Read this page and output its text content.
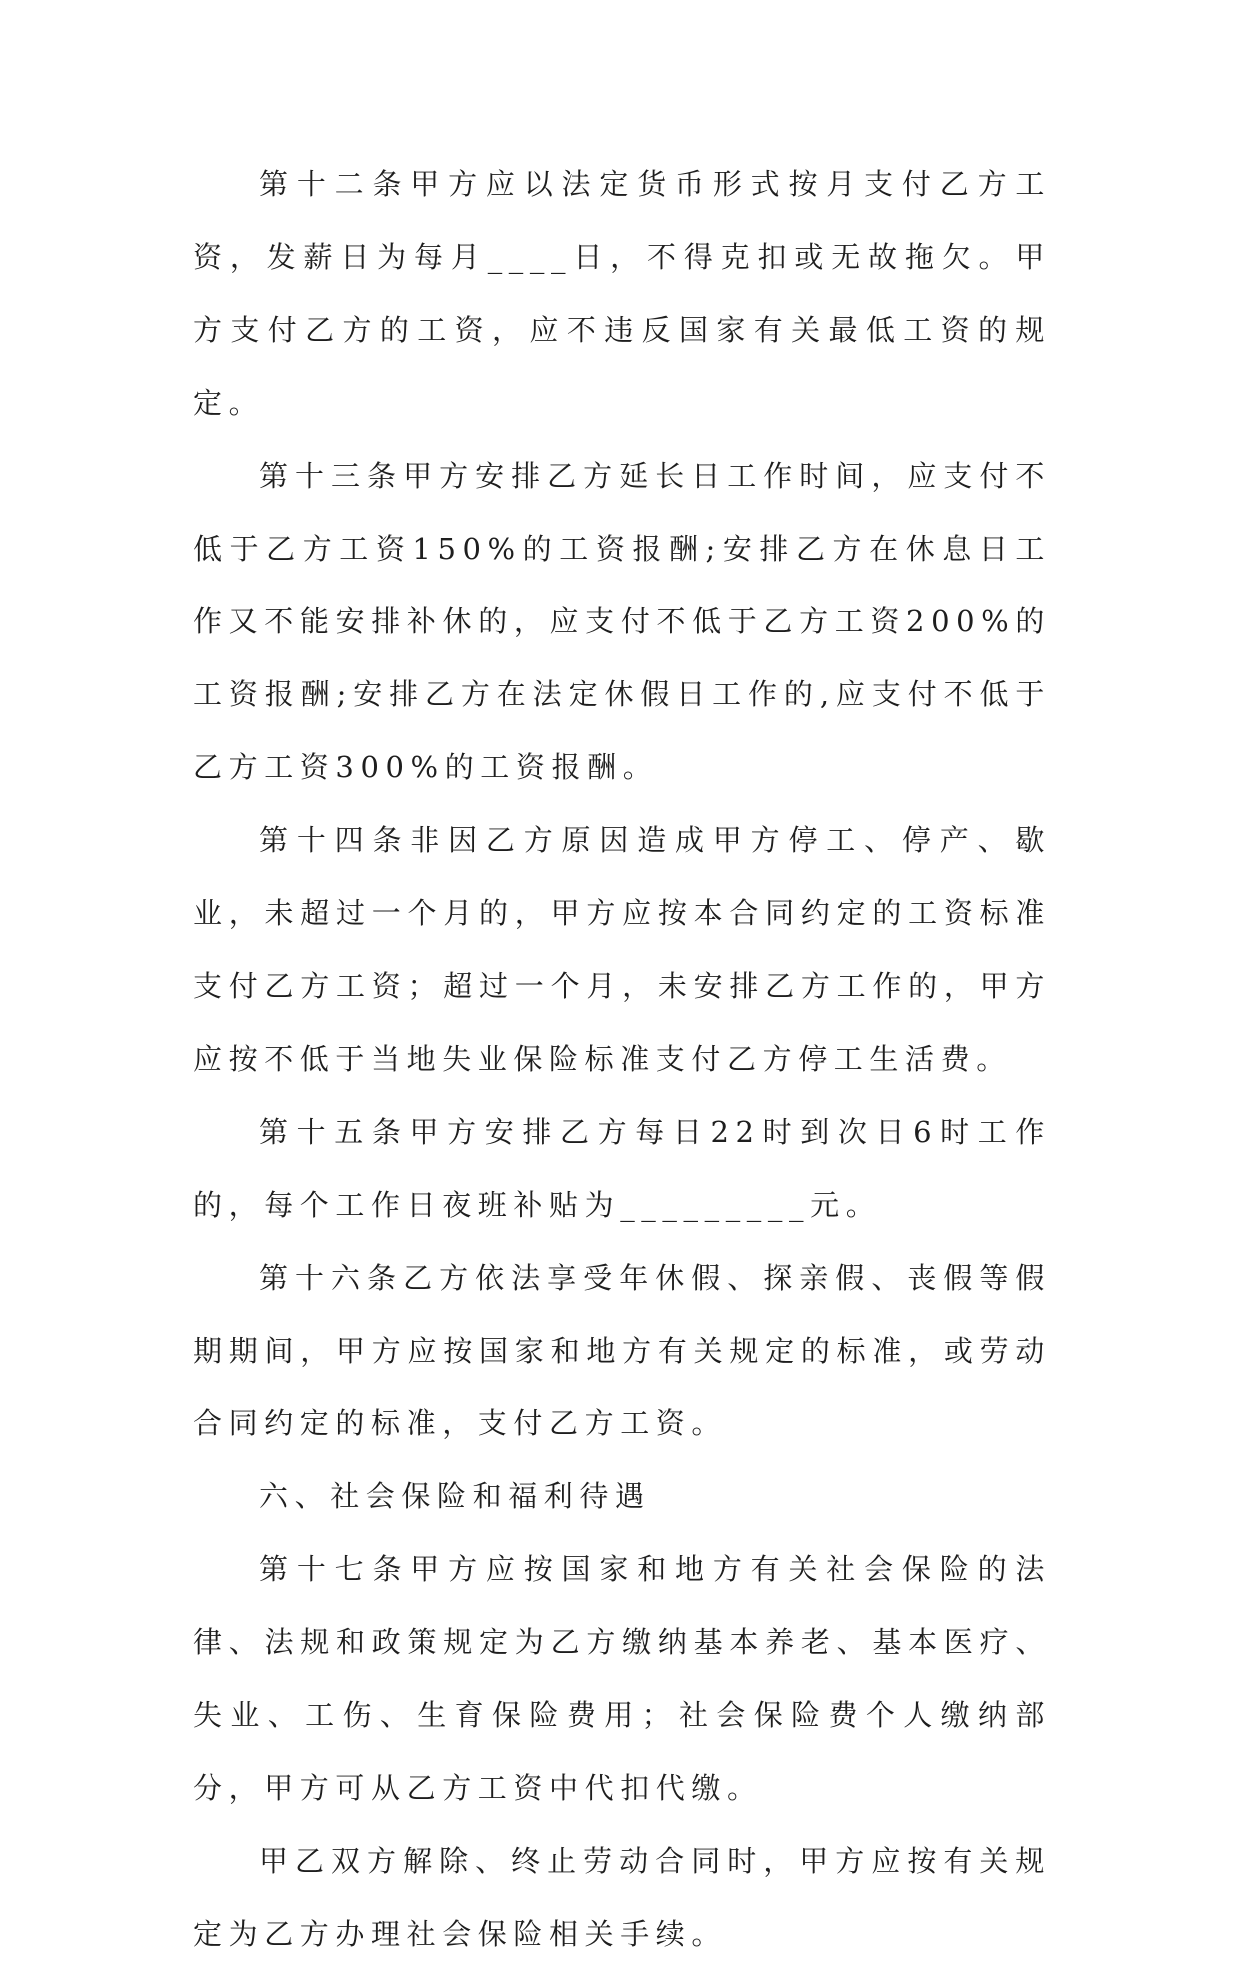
第十二条甲方应以法定货币形式按月支付乙方工资，发薪日为每月____日，不得克扣或无故拖欠。甲方支付乙方的工资，应不违反国家有关最低工资的规定。

第十三条甲方安排乙方延长日工作时间，应支付不低于乙方工资150%的工资报酬;安排乙方在休息日工作又不能安排补休的，应支付不低于乙方工资200%的工资报酬;安排乙方在法定休假日工作的,应支付不低于乙方工资300%的工资报酬。

第十四条非因乙方原因造成甲方停工、停产、歇业，未超过一个月的，甲方应按本合同约定的工资标准支付乙方工资；超过一个月，未安排乙方工作的，甲方应按不低于当地失业保险标准支付乙方停工生活费。

第十五条甲方安排乙方每日22时到次日6时工作的，每个工作日夜班补贴为_________元。

第十六条乙方依法享受年休假、探亲假、丧假等假期期间，甲方应按国家和地方有关规定的标准，或劳动合同约定的标准，支付乙方工资。

六、社会保险和福利待遇

第十七条甲方应按国家和地方有关社会保险的法律、法规和政策规定为乙方缴纳基本养老、基本医疗、失业、工伤、生育保险费用；社会保险费个人缴纳部分，甲方可从乙方工资中代扣代缴。

甲乙双方解除、终止劳动合同时，甲方应按有关规定为乙方办理社会保险相关手续。
